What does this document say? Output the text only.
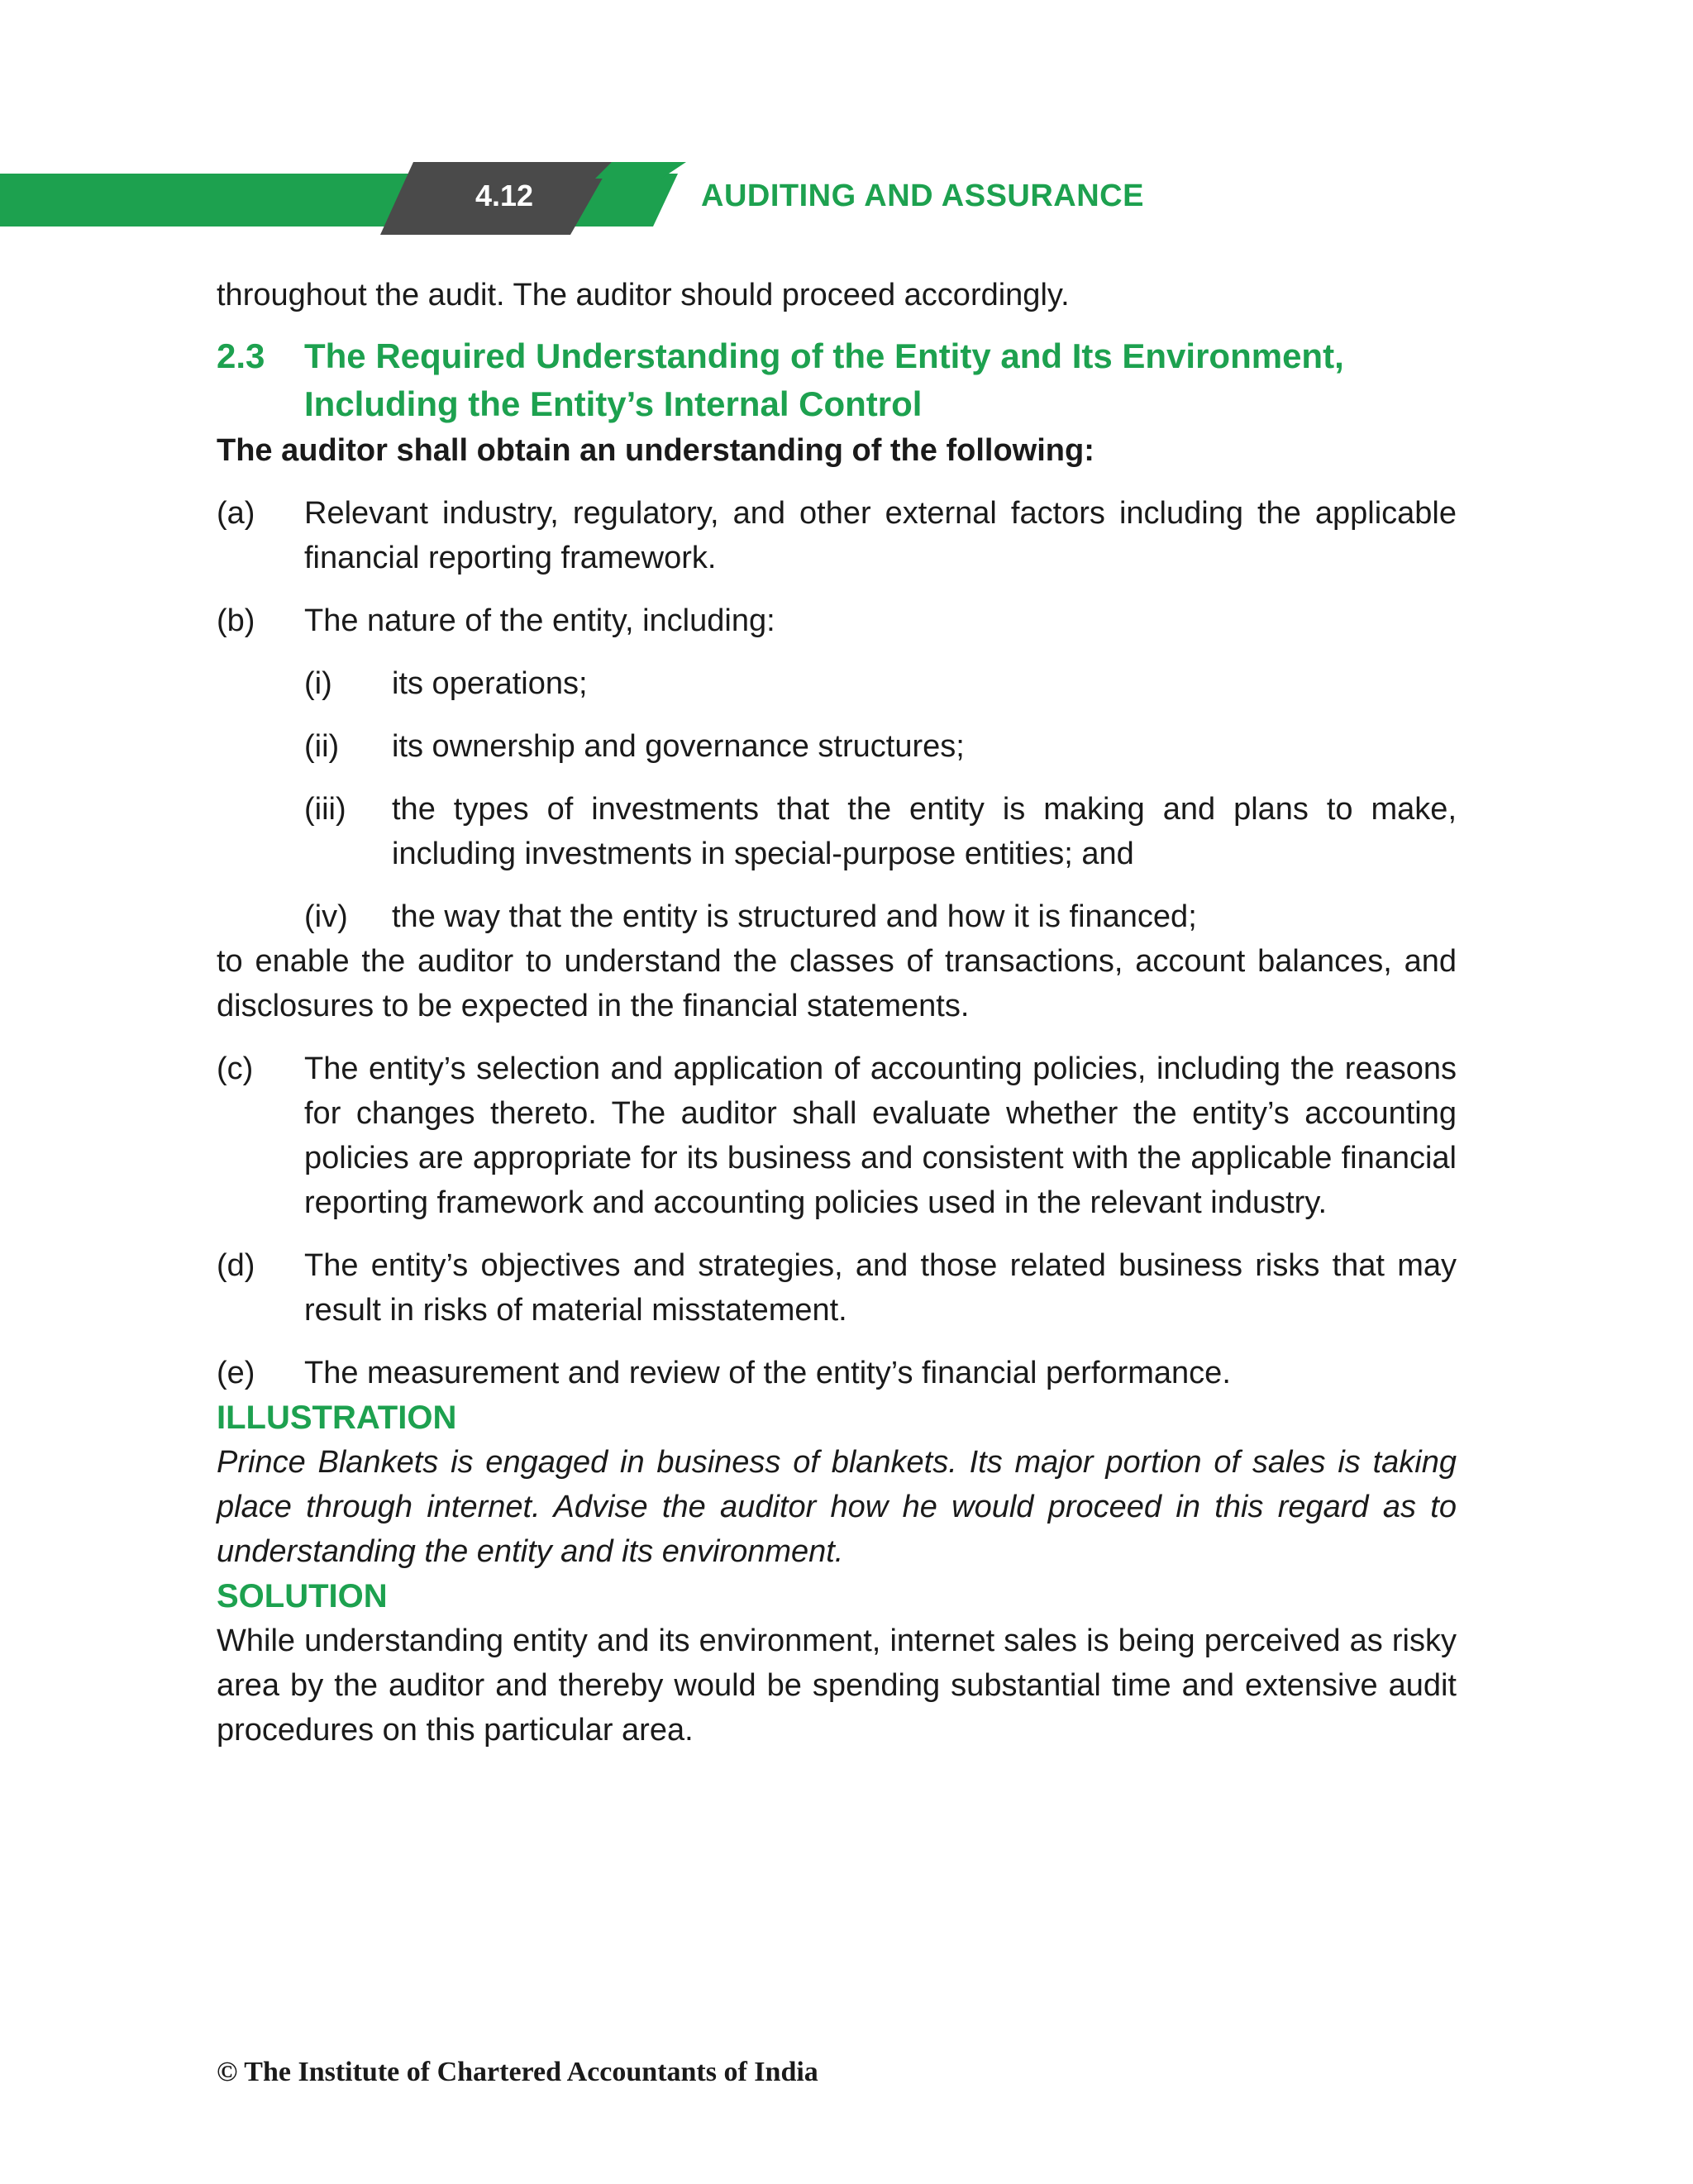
4.12	AUDITING AND ASSURANCE

throughout the audit. The auditor should proceed accordingly.

2.3	The Required Understanding of the Entity and Its Environment,
Including the Entity’s Internal Control

The auditor shall obtain an understanding of the following:

(a)	Relevant industry, regulatory, and other external factors including the applicable financial reporting framework.
(b)	The nature of the entity, including:
(i)	its operations;
(ii)	its ownership and governance structures;
(iii)	the types of investments that the entity is making and plans to make, including investments in special-purpose entities; and
(iv)	the way that the entity is structured and how it is financed;

to enable the auditor to understand the classes of transactions, account balances, and disclosures to be expected in the financial statements.

(c)	The entity’s selection and application of accounting policies, including the reasons for changes thereto. The auditor shall evaluate whether the entity’s accounting policies are appropriate for its business and consistent with the applicable financial reporting framework and accounting policies used in the relevant industry.
(d)	The entity’s objectives and strategies, and those related business risks that may result in risks of material misstatement.
(e)	The measurement and review of the entity’s financial performance.

ILLUSTRATION

Prince Blankets is engaged in business of blankets. Its major portion of sales is taking place through internet. Advise the auditor how he would proceed in this regard as to understanding the entity and its environment.

SOLUTION

While understanding entity and its environment, internet sales is being perceived as risky area by the auditor and thereby would be spending substantial time and extensive audit procedures on this particular area.

© The Institute of Chartered Accountants of India
